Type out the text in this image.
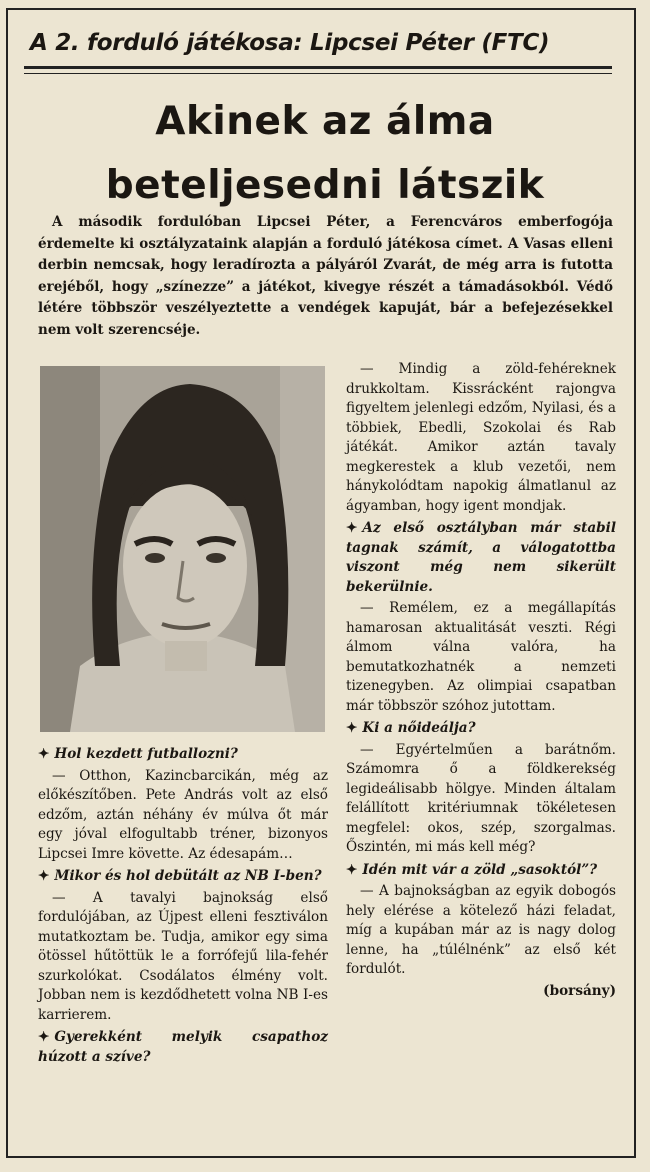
A 2. forduló játékosa: Lipcsei Péter (FTC)
Akinek az álma beteljesedni látszik
A második fordulóban Lipcsei Péter, a Ferencváros emberfogója érdemelte ki osztályzataink alapján a forduló játékosa címet. A Vasas elleni derbin nemcsak, hogy leradírozta a pályáról Zvarát, de még arra is futotta erejéből, hogy „színezze” a játékot, kivegye részét a támadásokból. Védő létére többször veszélyeztette a vendégek kapuját, bár a befejezésekkel nem volt szerencséje.
✦ Hol kezdett futballozni?

— Otthon, Kazincbarcikán, még az előkészítőben. Pete András volt az első edzőm, aztán néhány év múlva őt már egy jóval elfogultabb tréner, bizonyos Lipcsei Imre követte. Az édesapám…

✦ Mikor és hol debütált az NB I-ben?

— A tavalyi bajnokság első fordulójában, az Újpest elleni fesztiválon mutatkoztam be. Tudja, amikor egy sima ötössel hűtöttük le a forrófejű lila-fehér szurkolókat. Csodálatos élmény volt. Jobban nem is kezdődhetett volna NB I-es karrierem.

✦ Gyerekként melyik csapathoz húzott a szíve?

— Mindig a zöld-fehéreknek drukkoltam. Kissrácként rajongva figyeltem jelenlegi edzőm, Nyilasi, és a többiek, Ebedli, Szokolai és Rab játékát. Amikor aztán tavaly megkerestek a klub vezetői, nem hánykolódtam napokig álmatlanul az ágyamban, hogy igent mondjak.

✦ Az első osztályban már stabil tagnak számít, a válogatottba viszont még nem sikerült bekerülnie.

— Remélem, ez a megállapítás hamarosan aktualitását veszti. Régi álmom válna valóra, ha bemutatkozhatnék a nemzeti tizenegyben. Az olimpiai csapatban már többször szóhoz jutottam.

✦ Ki a nőideálja?

— Egyértelműen a barátnőm. Számomra ő a földkerekség legideálisabb hölgye. Minden általam felállított kritériumnak tökéletesen megfelel: okos, szép, szorgalmas. Őszintén, mi más kell még?

✦ Idén mit vár a zöld „sasoktól”?

— A bajnokságban az egyik dobogós hely elérése a kötelező házi feladat, míg a kupában már az is nagy dolog lenne, ha „túlélnénk” az első két fordulót.

(borsány)
